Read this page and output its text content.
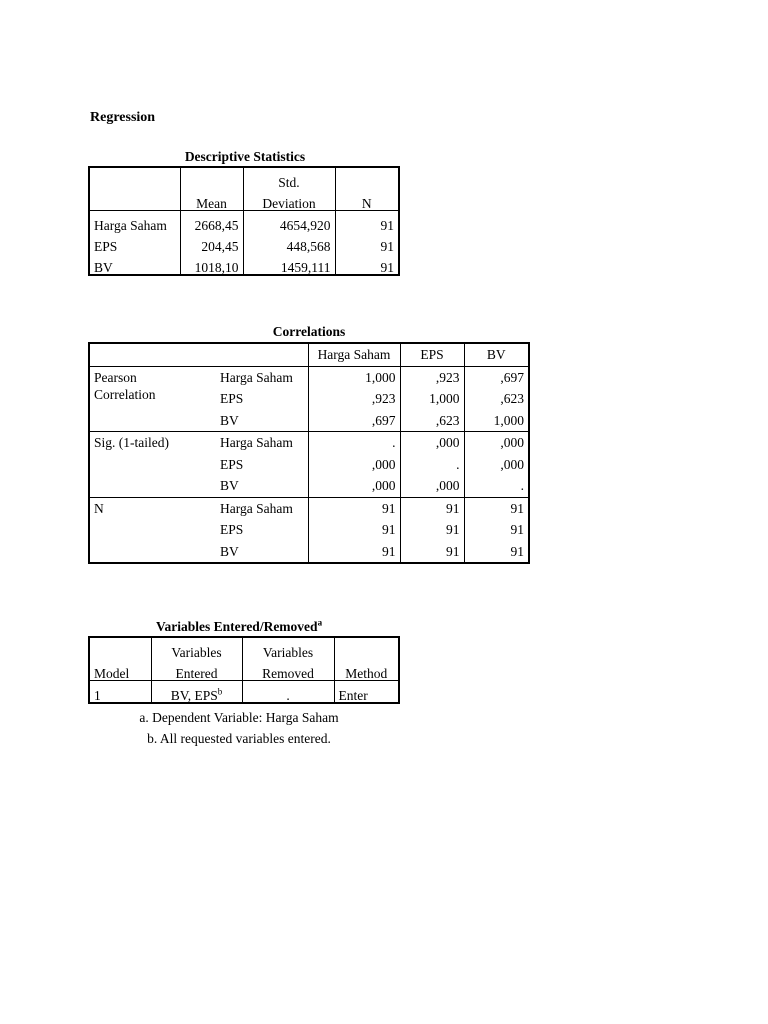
Regression
Descriptive Statistics
		Std.	
	Mean	Deviation	N
Harga Saham	2668,45	4654,920	91
EPS	204,45	448,568	91
BV	1018,10	1459,111	91
Correlations
		Harga Saham	EPS	BV
Pearson	Harga Saham	1,000	,923	,697
Correlation	EPS	,923	1,000	,623
	BV	,697	,623	1,000
Sig. (1-tailed)	Harga Saham	.	,000	,000
	EPS	,000	.	,000
	BV	,000	,000	.
N	Harga Saham	91	91	91
	EPS	91	91	91
	BV	91	91	91
Variables Entered/Removed$^a$
	Variables	Variables	
Model	Entered	Removed	Method
1	BV, EPS$^b$	.	Enter
a. Dependent Variable: Harga Saham
b. All requested variables entered.
